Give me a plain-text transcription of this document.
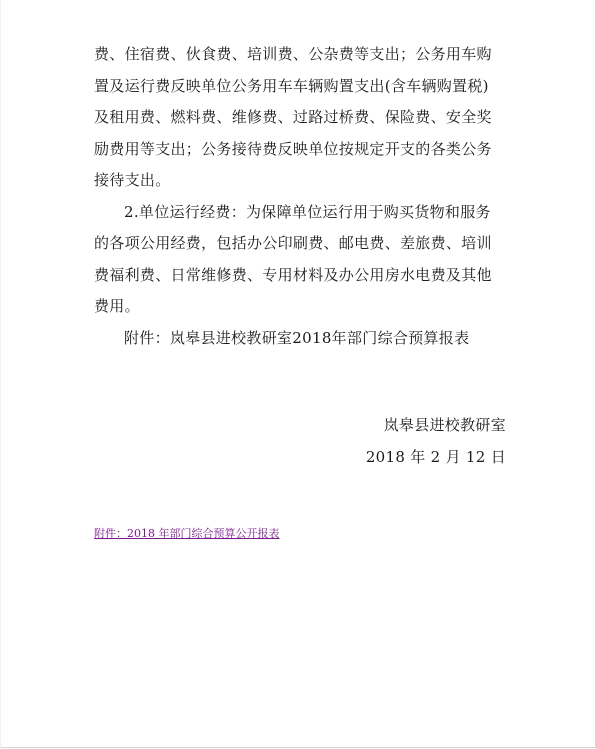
费、住宿费、伙食费、培训费、公杂费等支出；公务用车购
置及运行费反映单位公务用车车辆购置支出(含车辆购置税)
及租用费、燃料费、维修费、过路过桥费、保险费、安全奖
励费用等支出；公务接待费反映单位按规定开支的各类公务
接待支出。
2.单位运行经费：为保障单位运行用于购买货物和服务
的各项公用经费，包括办公印刷费、邮电费、差旅费、培训
费福利费、日常维修费、专用材料及办公用房水电费及其他
费用。
附件：岚皋县进校教研室2018年部门综合预算报表
岚皋县进校教研室
2018 年 2 月 12 日
附件：2018 年部门综合预算公开报表
